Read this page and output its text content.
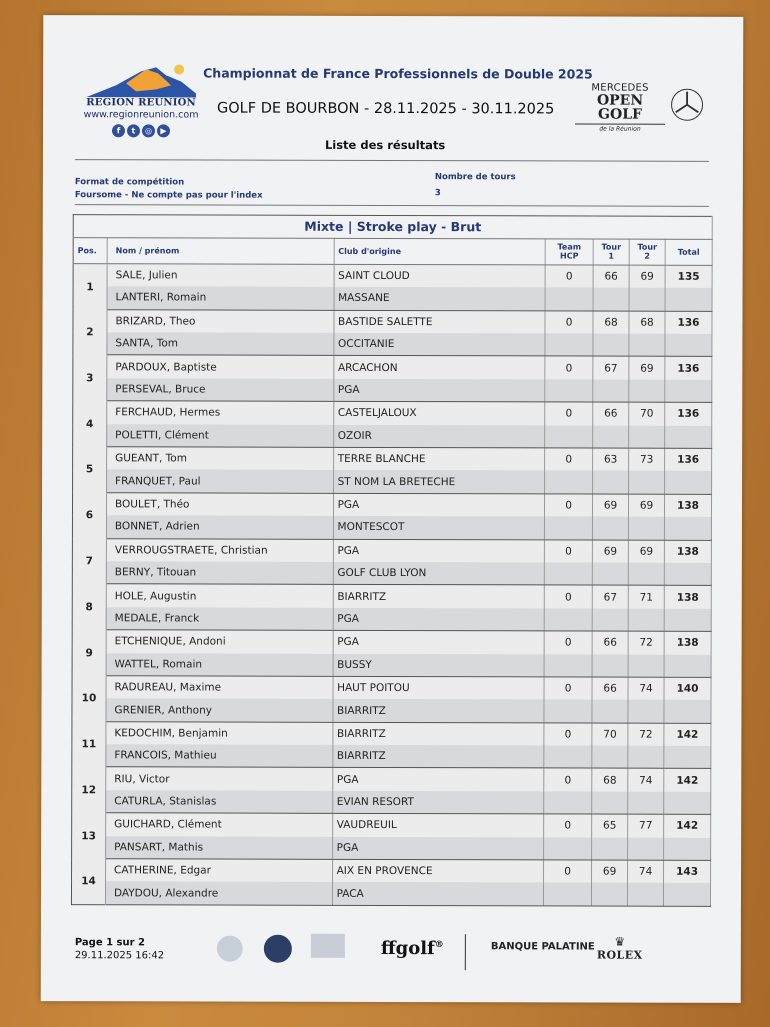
REGION REUNION
www.regionreunion.com
f	t	◎	▶
Championnat de France Professionnels de Double 2025
GOLF DE BOURBON - 28.11.2025 - 30.11.2025
Liste des résultats
MERCEDES
OPEN GOLF
de la Réunion
Format de compétition
Foursome - Ne compte pas pour l'index
Nombre de tours
3
Mixte | Stroke play - Brut						
Pos.	Nom / prénom	Club d'origine	Team HCP	Tour 1	Tour 2	Total
1	SALE, Julien	SAINT CLOUD	0	66	69	135
	LANTERI, Romain	MASSANE				
2	BRIZARD, Theo	BASTIDE SALETTE	0	68	68	136
	SANTA, Tom	OCCITANIE				
3	PARDOUX, Baptiste	ARCACHON	0	67	69	136
	PERSEVAL, Bruce	PGA				
4	FERCHAUD, Hermes	CASTELJALOUX	0	66	70	136
	POLETTI, Clément	OZOIR				
5	GUEANT, Tom	TERRE BLANCHE	0	63	73	136
	FRANQUET, Paul	ST NOM LA BRETECHE				
6	BOULET, Théo	PGA	0	69	69	138
	BONNET, Adrien	MONTESCOT				
7	VERROUGSTRAETE, Christian	PGA	0	69	69	138
	BERNY, Titouan	GOLF CLUB LYON				
8	HOLE, Augustin	BIARRITZ	0	67	71	138
	MEDALE, Franck	PGA				
9	ETCHENIQUE, Andoni	PGA	0	66	72	138
	WATTEL, Romain	BUSSY				
10	RADUREAU, Maxime	HAUT POITOU	0	66	74	140
	GRENIER, Anthony	BIARRITZ				
11	KEDOCHIM, Benjamin	BIARRITZ	0	70	72	142
	FRANCOIS, Mathieu	BIARRITZ				
12	RIU, Victor	PGA	0	68	74	142
	CATURLA, Stanislas	EVIAN RESORT				
13	GUICHARD, Clément	VAUDREUIL	0	65	77	142
	PANSART, Mathis	PGA				
14	CATHERINE, Edgar	AIX EN PROVENCE	0	69	74	143
	DAYDOU, Alexandre	PACA				
Page 1 sur 2
29.11.2025 16:42	ffgolf®	BANQUE PALATINE	♛
ROLEX
